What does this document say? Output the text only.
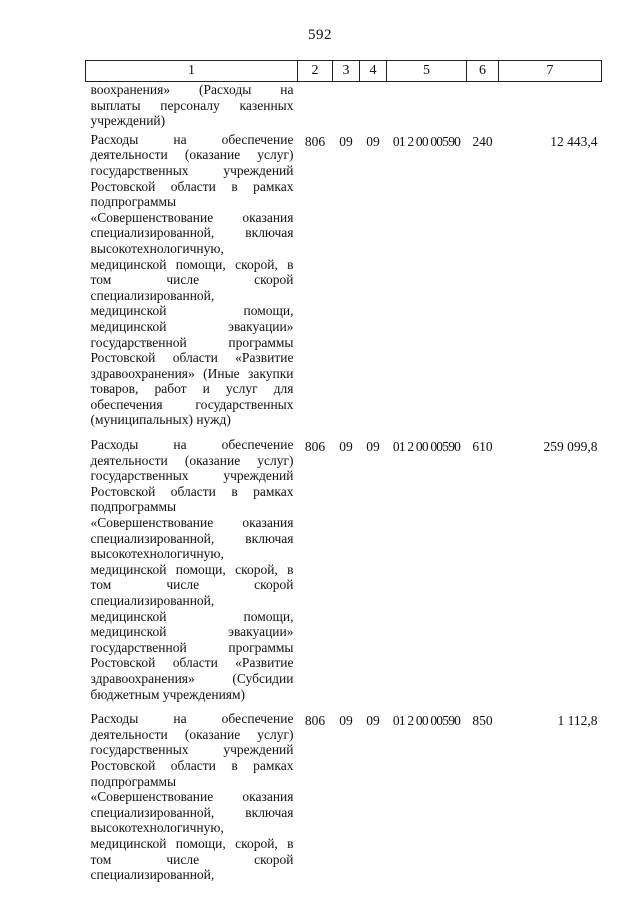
592
1	2	3	4	5	6	7
воохранения» (Расходы на выплаты персоналу казенных учреждений)						
Расходы на обеспечение деятельности (оказание услуг) государственных учреждений Ростовской области в рамках подпрограммы «Совершенствование оказания специализированной, включая высокотехнологичную, медицинской помощи, скорой, в том числе скорой специализированной, медицинской помощи, медицинской эвакуации» государственной программы Ростовской области «Развитие здравоохранения» (Иные закупки товаров, работ и услуг для обеспечения государственных (муниципальных) нужд)	806	09	09	01 2 00 00590	240	12 443,4
Расходы на обеспечение деятельности (оказание услуг) государственных учреждений Ростовской области в рамках подпрограммы «Совершенствование оказания специализированной, включая высокотехнологичную, медицинской помощи, скорой, в том числе скорой специализированной, медицинской помощи, медицинской эвакуации» государственной программы Ростовской области «Развитие здравоохранения» (Субсидии бюджетным учреждениям)	806	09	09	01 2 00 00590	610	259 099,8
Расходы на обеспечение деятельности (оказание услуг) государственных учреждений Ростовской области в рамках подпрограммы «Совершенствование оказания специализированной, включая высокотехнологичную, медицинской помощи, скорой, в том числе скорой специализированной,	806	09	09	01 2 00 00590	850	1 112,8
